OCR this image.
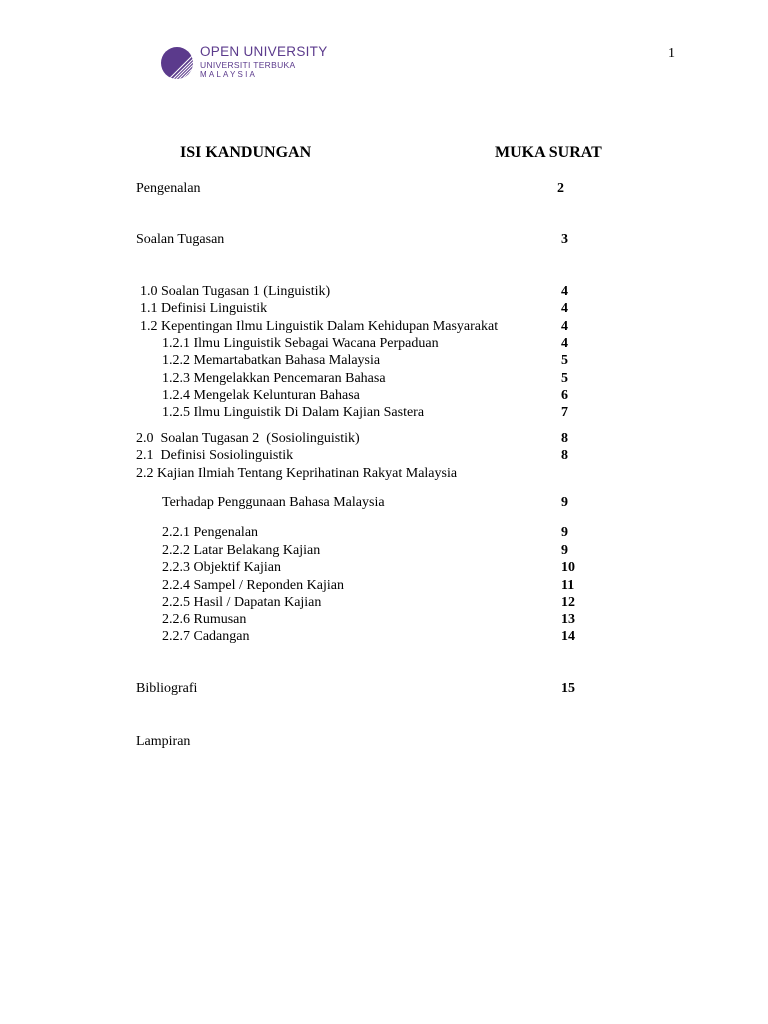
1
OPEN UNIVERSITY
UNIVERSITI TERBUKA
MALAYSIA
ISI KANDUNGAN	MUKA SURAT
Pengenalan	2
Soalan Tugasan	3
1.0 Soalan Tugasan 1 (Linguistik)	4
1.1 Definisi Linguistik	4
1.2 Kepentingan Ilmu Linguistik Dalam Kehidupan Masyarakat	4
1.2.1 Ilmu Linguistik Sebagai Wacana Perpaduan	4
1.2.2 Memartabatkan Bahasa Malaysia	5
1.2.3 Mengelakkan Pencemaran Bahasa	5
1.2.4 Mengelak Kelunturan Bahasa	6
1.2.5 Ilmu Linguistik Di Dalam Kajian Sastera	7
2.0  Soalan Tugasan 2  (Sosiolinguistik)	8
2.1  Definisi Sosiolinguistik	8
2.2 Kajian Ilmiah Tentang Keprihatinan Rakyat Malaysia
Terhadap Penggunaan Bahasa Malaysia	9
2.2.1 Pengenalan	9
2.2.2 Latar Belakang Kajian	9
2.2.3 Objektif Kajian	10
2.2.4 Sampel / Reponden Kajian	11
2.2.5 Hasil / Dapatan Kajian	12
2.2.6 Rumusan	13
2.2.7 Cadangan	14
Bibliografi	15
Lampiran
